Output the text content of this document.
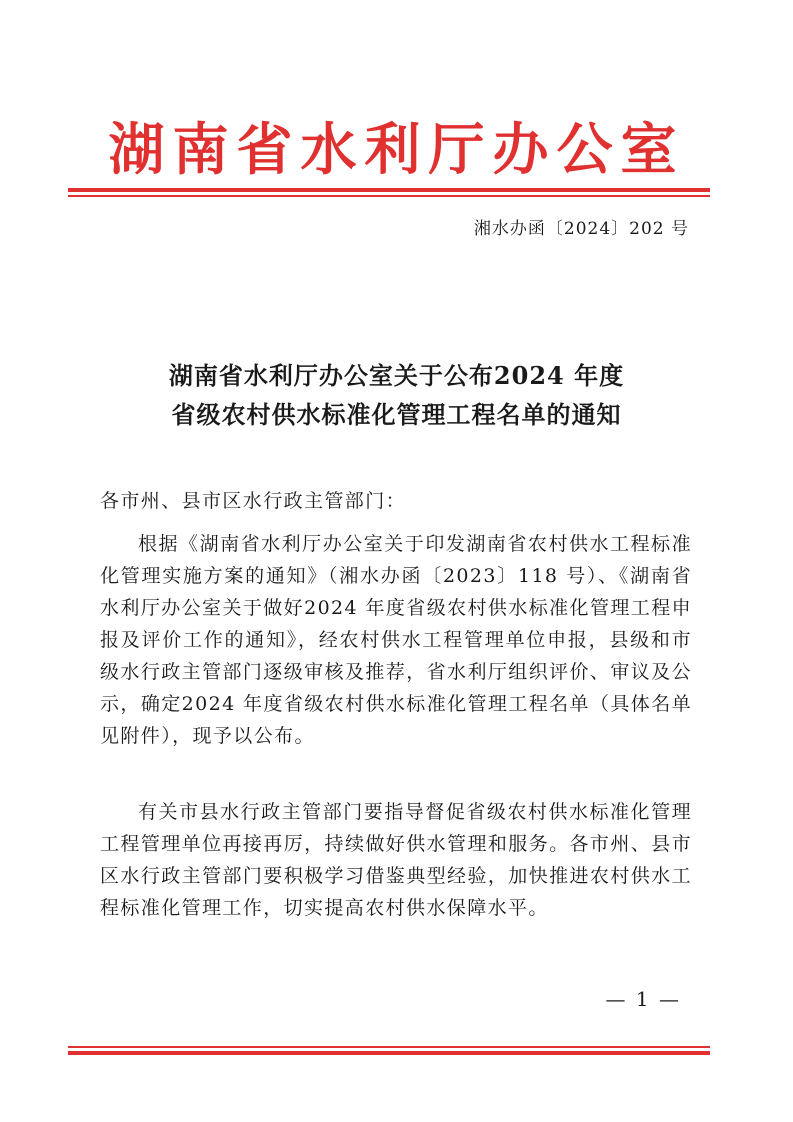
湖南省水利厅办公室
湘水办函〔2024〕202 号
湖南省水利厅办公室关于公布2024 年度
省级农村供水标准化管理工程名单的通知
各市州、县市区水行政主管部门：

根据《湖南省水利厅办公室关于印发湖南省农村供水工程标准化管理实施方案的通知》（湘水办函〔2023〕118 号）、《湖南省水利厅办公室关于做好2024 年度省级农村供水标准化管理工程申报及评价工作的通知》，经农村供水工程管理单位申报，县级和市级水行政主管部门逐级审核及推荐，省水利厅组织评价、审议及公示，确定2024 年度省级农村供水标准化管理工程名单（具体名单见附件），现予以公布。

有关市县水行政主管部门要指导督促省级农村供水标准化管理工程管理单位再接再厉，持续做好供水管理和服务。各市州、县市区水行政主管部门要积极学习借鉴典型经验，加快推进农村供水工程标准化管理工作，切实提高农村供水保障水平。

— 1 —
